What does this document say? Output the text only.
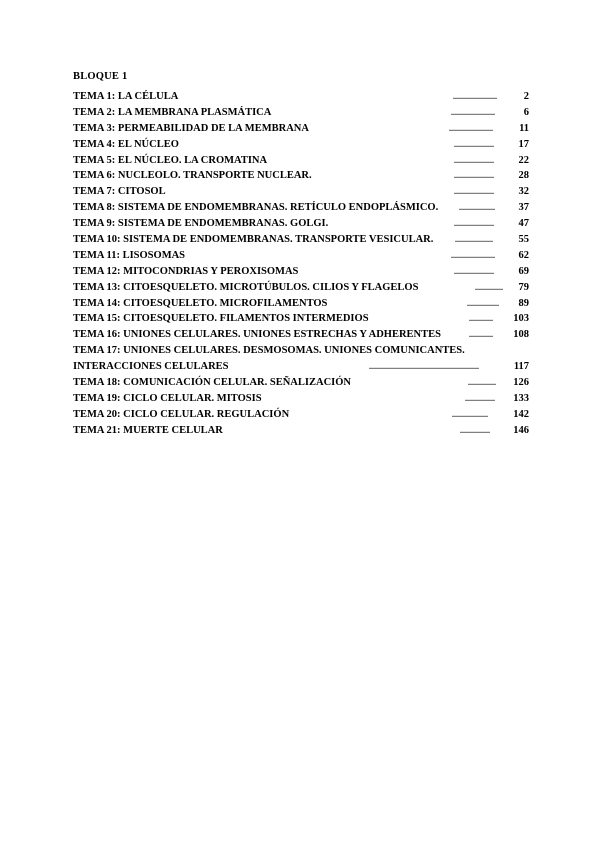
BLOQUE 1
TEMA 1: LA CÉLULA	......................	2
TEMA 2: LA MEMBRANA PLASMÁTICA	......................	6
TEMA 3: PERMEABILIDAD DE LA MEMBRANA	...................... 11
TEMA 4: EL NÚCLEO	.................... 17
TEMA 5: EL NÚCLEO. LA CROMATINA	.................... 22
TEMA 6: NUCLEOLO. TRANSPORTE NUCLEAR.	.................... 28
TEMA 7: CITOSOL	.................... 32
TEMA 8: SISTEMA DE ENDOMEMBRANAS. RETÍCULO ENDOPLÁSMICO.	.................. 37
TEMA 9: SISTEMA DE ENDOMEMBRANAS. GOLGI.	.................... 47
TEMA 10: SISTEMA DE ENDOMEMBRANAS. TRANSPORTE VESICULAR.	................... 55
TEMA 11: LISOSOMAS	...................... 62
TEMA 12: MITOCONDRIAS Y PEROXISOMAS	.................... 69
TEMA 13: CITOESQUELETO. MICROTÚBULOS. CILIOS Y FLAGELOS	.............. 79
TEMA 14: CITOESQUELETO. MICROFILAMENTOS	................ 89
TEMA 15: CITOESQUELETO. FILAMENTOS INTERMEDIOS	............ 103
TEMA 16: UNIONES CELULARES. UNIONES ESTRECHAS Y ADHERENTES	............ 108
TEMA 17: UNIONES CELULARES. DESMOSOMAS. UNIONES COMUNICANTES.
INTERACCIONES CELULARES	.......................................................	117
TEMA 18: COMUNICACIÓN CELULAR. SEÑALIZACIÓN	.............. 126
TEMA 19: CICLO CELULAR. MITOSIS	............... 133
TEMA 20: CICLO CELULAR. REGULACIÓN	.................. 142
TEMA 21: MUERTE CELULAR	............... 146
